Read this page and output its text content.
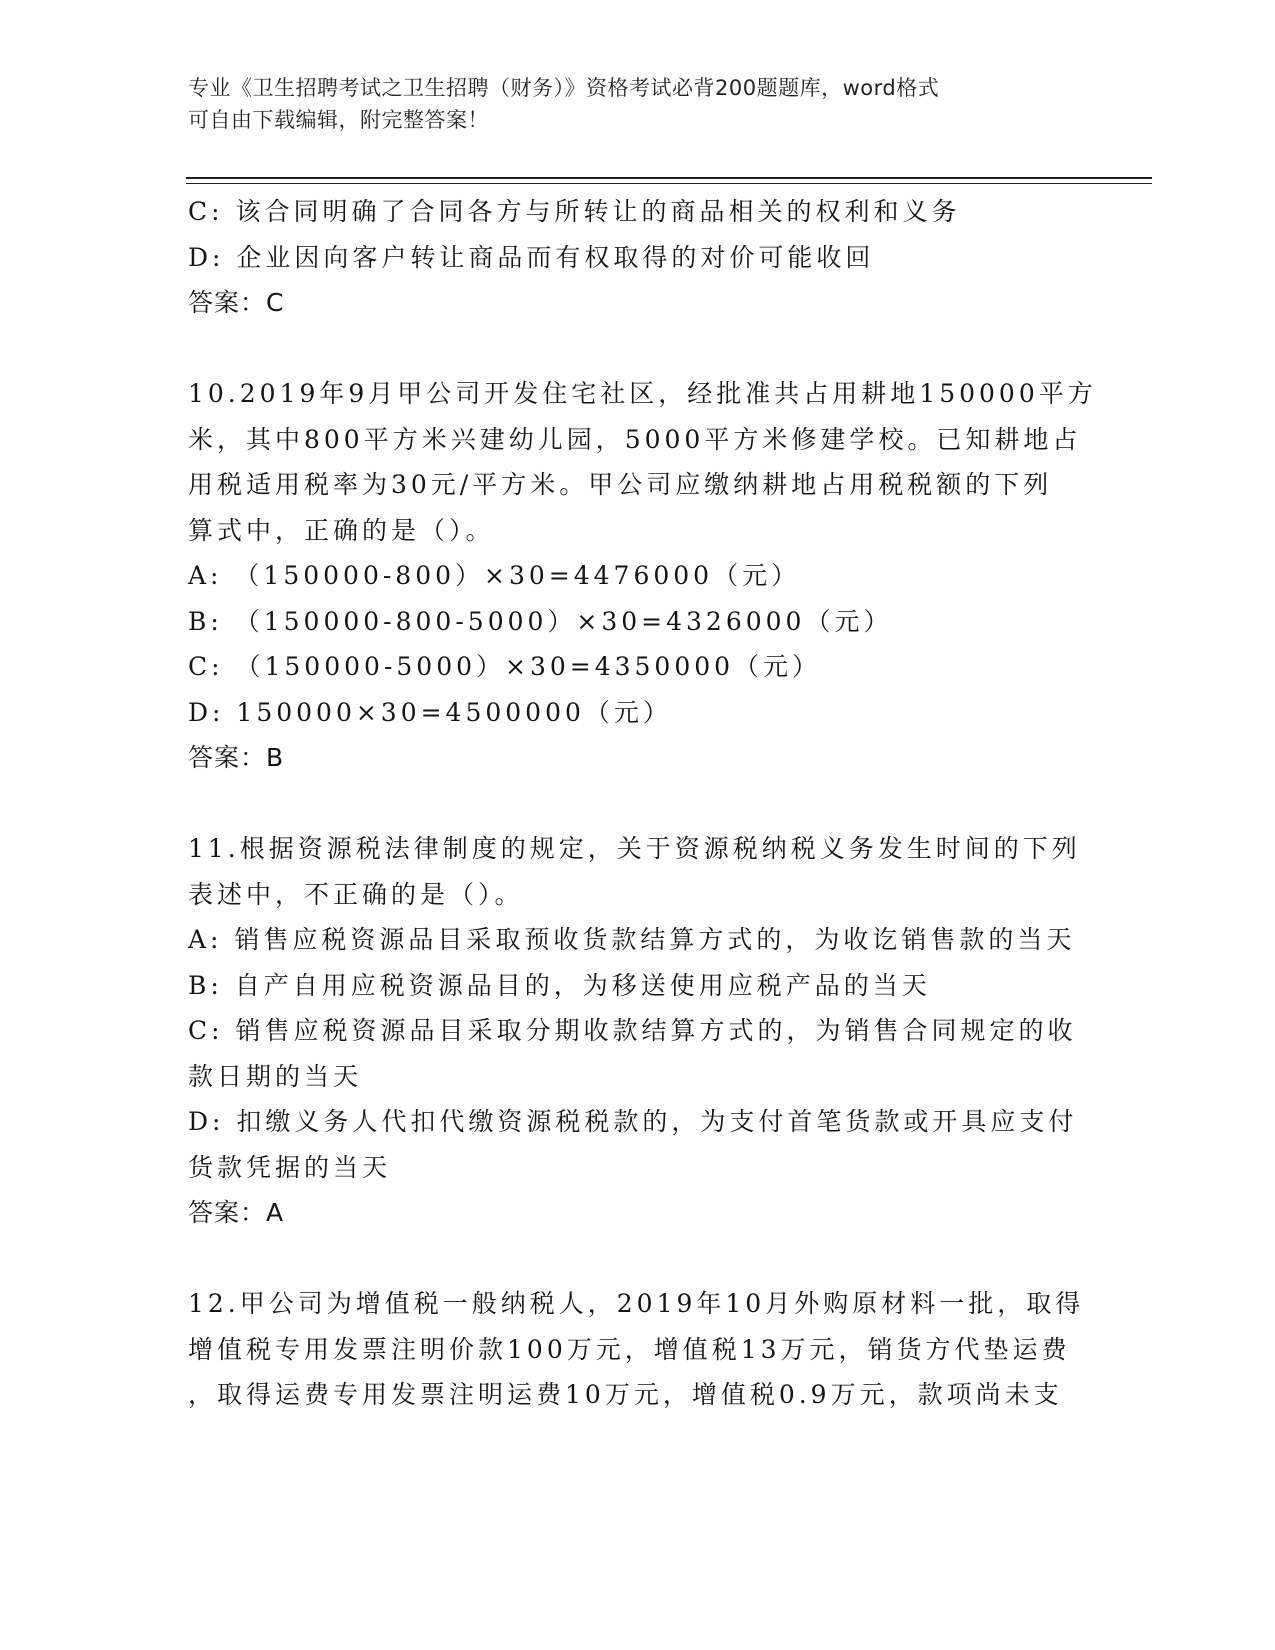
专业《卫生招聘考试之卫生招聘（财务）》资格考试必背200题题库，word格式
可自由下载编辑，附完整答案！
C: 该合同明确了合同各方与所转让的商品相关的权利和义务
D: 企业因向客户转让商品而有权取得的对价可能收回
答案：C
10.2019年9月甲公司开发住宅社区，经批准共占用耕地150000平方
米，其中800平方米兴建幼儿园，5000平方米修建学校。已知耕地占
用税适用税率为30元/平方米。甲公司应缴纳耕地占用税税额的下列
算式中，正确的是（）。
A: （150000-800）×30=4476000（元）
B: （150000-800-5000）×30=4326000（元）
C: （150000-5000）×30=4350000（元）
D: 150000×30=4500000（元）
答案：B
11.根据资源税法律制度的规定，关于资源税纳税义务发生时间的下列
表述中，不正确的是（）。
A: 销售应税资源品目采取预收货款结算方式的，为收讫销售款的当天
B: 自产自用应税资源品目的，为移送使用应税产品的当天
C: 销售应税资源品目采取分期收款结算方式的，为销售合同规定的收
款日期的当天
D: 扣缴义务人代扣代缴资源税税款的，为支付首笔货款或开具应支付
货款凭据的当天
答案：A
12.甲公司为增值税一般纳税人，2019年10月外购原材料一批，取得
增值税专用发票注明价款100万元，增值税13万元，销货方代垫运费
，取得运费专用发票注明运费10万元，增值税0.9万元，款项尚未支
